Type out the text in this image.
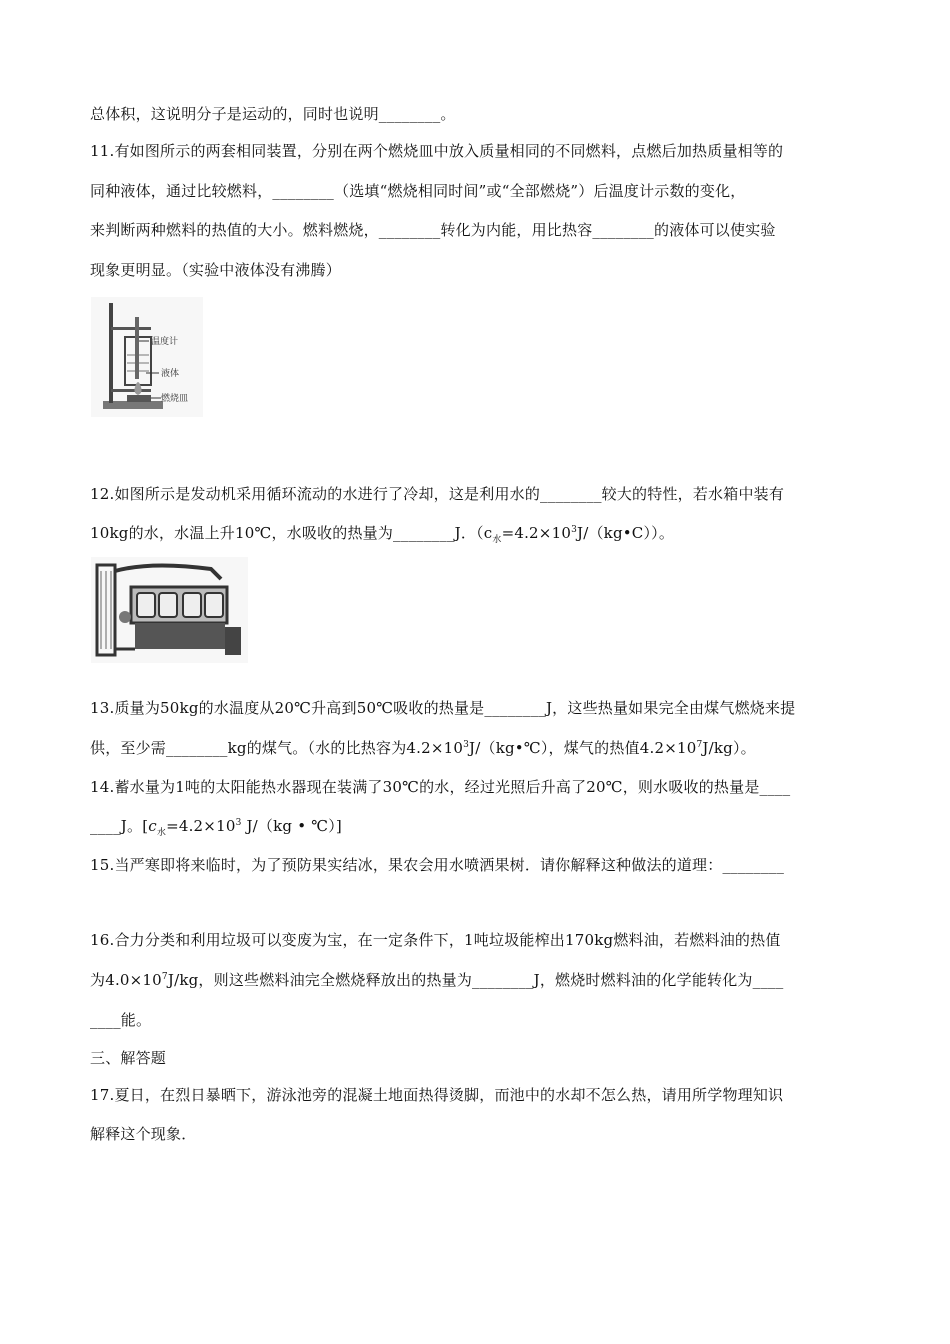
总体积，这说明分子是运动的，同时也说明________。
11.有如图所示的两套相同装置，分别在两个燃烧皿中放入质量相同的不同燃料，点燃后加热质量相等的
同种液体，通过比较燃料，________（选填“燃烧相同时间”或“全部燃烧”）后温度计示数的变化，
来判断两种燃料的热值的大小。燃料燃烧，________转化为内能，用比热容________的液体可以使实验
现象更明显。（实验中液体没有沸腾）
温度计
液体
燃烧皿
12.如图所示是发动机采用循环流动的水进行了冷却，这是利用水的________较大的特性，若水箱中装有
10kg的水，水温上升10℃，水吸收的热量为________J．$(c_水=4.2\times 10^3J/(kg•C))$。
13.质量为50kg的水温度从20℃升高到50℃吸收的热量是________J，这些热量如果完全由煤气燃烧来提
供，至少需________kg的煤气。（水的比热容为$4.2\times 10^3J/(kg•℃)$，煤气的热值$4.2\times 10^7J/kg$）。
14.蓄水量为1吨的太阳能热水器现在装满了30℃的水，经过光照后升高了20℃，则水吸收的热量是____
____J。[$c_水=4.2\times 10^3$ J/（kg • ℃）]
15.当严寒即将来临时，为了预防果实结冰，果农会用水喷洒果树．请你解释这种做法的道理：________
16.合力分类和利用垃圾可以变废为宝，在一定条件下，1吨垃圾能榨出170kg燃料油，若燃料油的热值
为$4.0\times 10^7J/kg$，则这些燃料油完全燃烧释放出的热量为________J，燃烧时燃料油的化学能转化为____
____能。
三、解答题
17.夏日，在烈日暴晒下，游泳池旁的混凝土地面热得烫脚，而池中的水却不怎么热，请用所学物理知识
解释这个现象．
